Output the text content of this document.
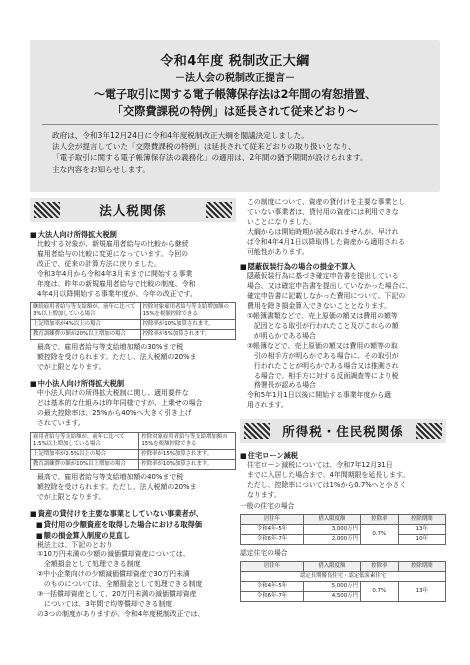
令和4年度 税制改正大綱
－法人会の税制改正提言－
～電子取引に関する電子帳簿保存法は2年間の宥恕措置、
「交際費課税の特例」は延長されて従来どおり～
政府は、令和3年12月24日に令和4年度税制改正大綱を閣議決定しました。
法人会が提言していた「交際費課税の特例」は延長されて従来どおりの取り扱いとなり、
「電子取引に関する電子帳簿保存法の義務化」の適用は、2年間の猶予期間が設けられます。
主な内容をお知らせします。
法人税関係
■ 大法人向け所得拡大税制
比較する対象が、新規雇用者給与の比較から継続
雇用者給与の比較に変更になっています。今回の
改正で、従来の計算方法に戻りました。
令和3年4月から令和4年3月末までに開始する事業
年度は、昨年の新規雇用者給与で比較の制度、令和
4年4月以降開始する事業年度が、今年の改正です。
継続雇用者給与等支給額が、前年に比べて3%以上増加している場合	控除対象雇用者給与等支給増加額の15%を税額控除できる
上記増加率が4%以上の場合	控除率が10%加算されます。
教育訓練費の額が20%以上増加の場合	控除率が5%加算されます。
最高で、雇用者給与等支給増加額の30%まで税
額控除を受けられます。ただし、法人税額の20%ま
でが上限となります。
■ 中小法人向け所得拡大税制
中小法人向けの所得拡大税制に関し、適用要件な
どは基本的な仕組みは昨年同様ですが、上乗せの場合
の最大控除率は、25%から40%へ大きく引き上げ
されています。
雇用者給与等支給額が、前年に比べて1.5%以上増加している場合	控除対象雇用者給与等支給増加額の15%を税額控除できる
上記増加率が2.5%以上の場合	控除率が15%加算されます。
教育訓練費の額が10%以上増加の場合	控除率が10%加算されます。
最高で、雇用者給与等支給増加額の40%まで税
額控除を受けられます。ただし、法人税額の20%ま
でが上限となります。
■ 資産の貸付けを主要な事業としていない事業者が、
■ 貸付用の少額資産を取得した場合における取得価
■ 額の損金算入制度の見直し
税法上は、下記のとおり
①10万円未満の少額の減価償却資産については、
　全額損金として処理できる制度
②中小企業向けの少額減価償却資産で30万円未満
　のものについては、全額損金として処理できる制度
③一括償却資産として、20万円未満の減価償却資産
　については、3年間で均等償却できる制度
の3つの制度がありますが、令和4年度税制改正では、
この制度について、資産の貸付けを主要な事業とし
ていない事業者は、貸付用の資産には利用できな
いことになりました。
大綱からは開始時期が読み取れませんが、早けれ
ば令和4年4月1日以降取得した資産から適用される
可能性があります。
■ 隠蔽仮装行為の場合の損金不算入
隠蔽仮装行為に基づき確定申告書を提出している
場合、又は確定申告書を提出していなかった場合に、
確定申告書に記載しなかった費用について、下記の
費用を除き損金算入できないこととなります。
①帳簿書類などで、売上原価の額又は費用の額等
　記因となる取引が行われたこと及びこれらの額
　が明らかである場合
②帳簿などで、売上原価の額又は費用の額等の取
　引の相手方が明らかである場合に、その取引が
　行われたことが明らかである場合又は推測され
　る場合で、相手方に対する反面調査等により税
　務署長が認める場合
令和5年1月1日以後に開始する事業年度から適
用されます。
所得税・住民税関係
■ 住宅ローン減税
住宅ローン減税については、令和7年12月31日
までに入居した場合まで、4年間期限を延長します。
ただし、控除率については1%から0.7%へと小さく
なります。
一般の住宅の場合
居住年	借入限度額	控除率	控除期間
令和4年-5年	3,000万円	0.7%	13年
令和6年-7年	2,000万円		10年
認定住宅の場合
居住年	借入限度額	控除率	控除期間
認定長期優良住宅・認定低炭素住宅			
令和4年-5年	5,000万円	0.7%	13年
令和6年-7年	4,500万円		
